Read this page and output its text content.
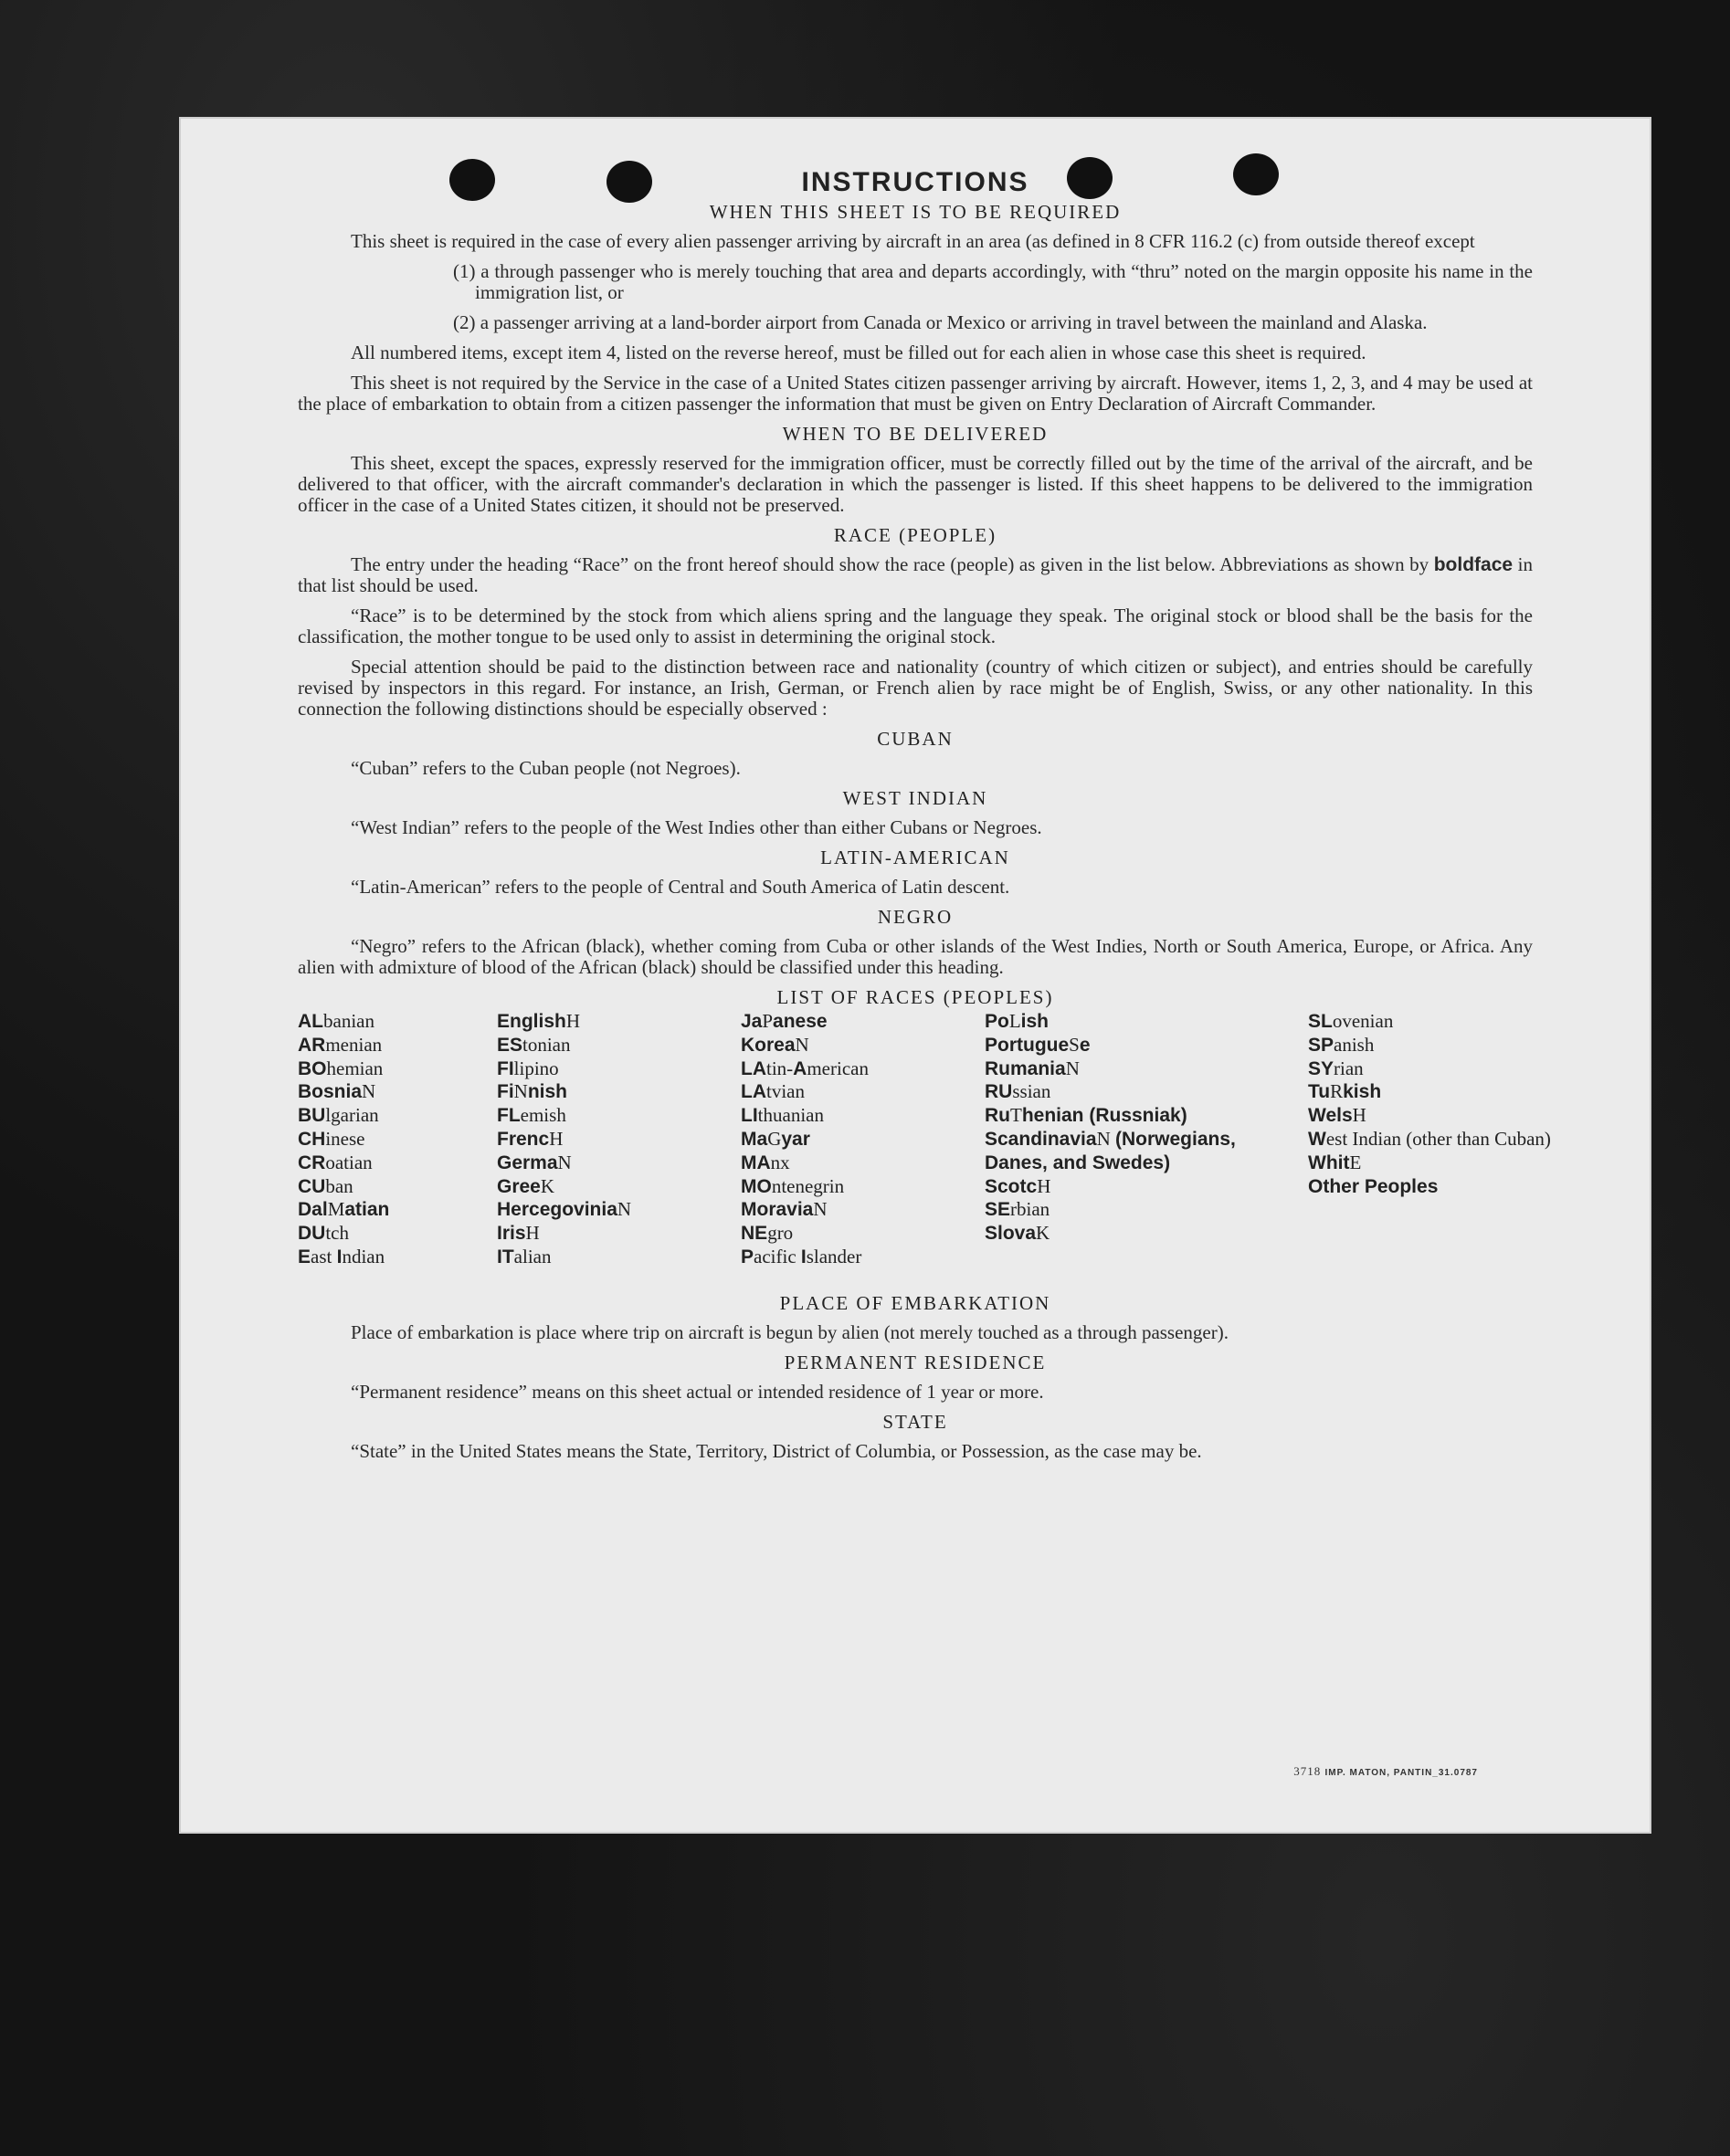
INSTRUCTIONS
WHEN THIS SHEET IS TO BE REQUIRED

This sheet is required in the case of every alien passenger arriving by aircraft in an area (as defined in 8 CFR 116.2 (c) from outside thereof except

(1) a through passenger who is merely touching that area and departs accordingly, with “thru” noted on the margin opposite his name in the immigration list, or
(2) a passenger arriving at a land-border airport from Canada or Mexico or arriving in travel between the mainland and Alaska.

All numbered items, except item 4, listed on the reverse hereof, must be filled out for each alien in whose case this sheet is required.

This sheet is not required by the Service in the case of a United States citizen passenger arriving by aircraft. However, items 1, 2, 3, and 4 may be used at the place of embarkation to obtain from a citizen passenger the information that must be given on Entry Declaration of Aircraft Commander.

WHEN TO BE DELIVERED

This sheet, except the spaces, expressly reserved for the immigration officer, must be correctly filled out by the time of the arrival of the aircraft, and be delivered to that officer, with the aircraft commander's declaration in which the passenger is listed. If this sheet happens to be delivered to the immigration officer in the case of a United States citizen, it should not be preserved.

RACE (PEOPLE)

The entry under the heading “Race” on the front hereof should show the race (people) as given in the list below. Abbreviations as shown by boldface in that list should be used.

“Race” is to be determined by the stock from which aliens spring and the language they speak. The original stock or blood shall be the basis for the classification, the mother tongue to be used only to assist in determining the original stock.

Special attention should be paid to the distinction between race and nationality (country of which citizen or subject), and entries should be carefully revised by inspectors in this regard. For instance, an Irish, German, or French alien by race might be of English, Swiss, or any other nationality. In this connection the following distinctions should be especially observed :

CUBAN

“Cuban” refers to the Cuban people (not Negroes).

WEST INDIAN

“West Indian” refers to the people of the West Indies other than either Cubans or Negroes.

LATIN-AMERICAN

“Latin-American” refers to the people of Central and South America of Latin descent.

NEGRO

“Negro” refers to the African (black), whether coming from Cuba or other islands of the West Indies, North or South America, Europe, or Africa. Any alien with admixture of blood of the African (black) should be classified under this heading.

LIST OF RACES (PEOPLES)
ALbanian
ARmenian
BOhemian
BosniaN
BUlgarian
CHinese
CRoatian
CUban
DalMatian
DUtch
East Indian
EnglishH
EStonian
FIlipino
FiNnish
FLemish
FrencH
GermaN
GreeK
HercegoviniaN
IrisH
ITalian
JaPanese
KoreaN
LAtin-American
LAtvian
LIthuanian
MaGyar
MAnx
MOntenegrin
MoraviaN
NEgro
Pacific Islander
PoLish
PortugueSe
RumaniaN
RUssian
RuThenian (Russniak)
ScandinaviaN (Norwegians, Danes, and Swedes)
ScotcH
SErbian
SlovaK
SLovenian
SPanish
SYrian
TuRkish
WelsH
West Indian (other than Cuban)
WhitE
Other Peoples
PLACE OF EMBARKATION

Place of embarkation is place where trip on aircraft is begun by alien (not merely touched as a through passenger).

PERMANENT RESIDENCE

“Permanent residence” means on this sheet actual or intended residence of 1 year or more.

STATE

“State” in the United States means the State, Territory, District of Columbia, or Possession, as the case may be.

3718 IMP. MATON, PANTIN_31.0787
